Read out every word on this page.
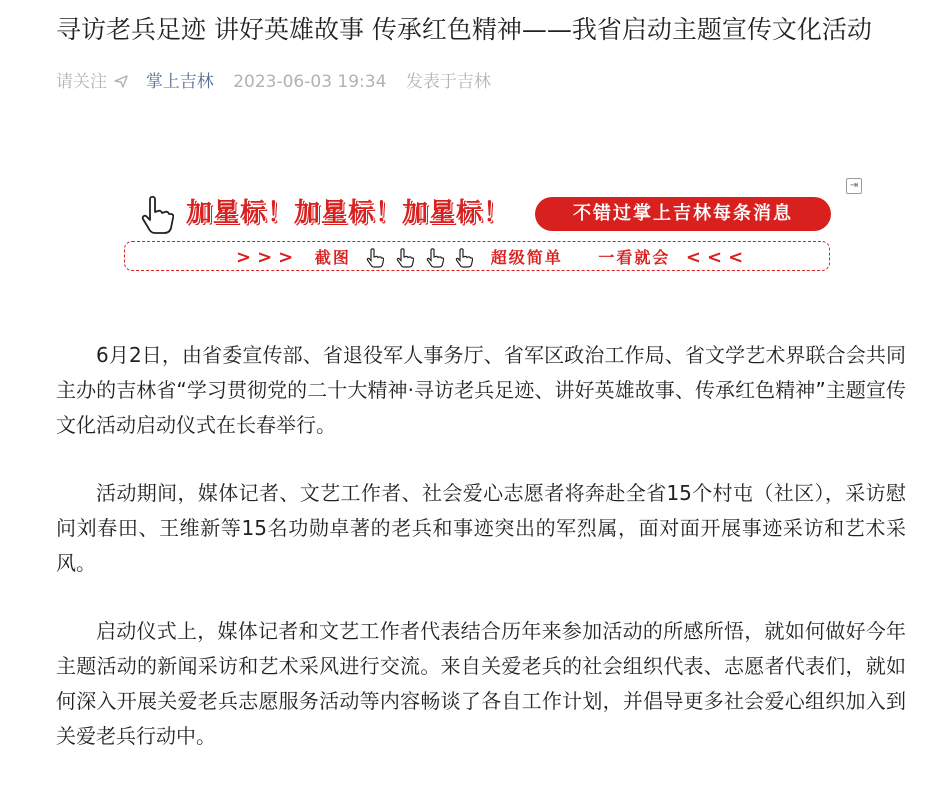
寻访老兵足迹 讲好英雄故事 传承红色精神——我省启动主题宣传文化活动
请关注 掌上吉林 2023-06-03 19:34 发表于吉林
⇥
加星标！加星标！加星标！	不错过掌上吉林每条消息
>>> 截图	超级简单 一看就会 <<<

6月2日，由省委宣传部、省退役军人事务厅、省军区政治工作局、省文学艺术界联合会共同主办的吉林省“学习贯彻党的二十大精神·寻访老兵足迹、讲好英雄故事、传承红色精神”主题宣传文化活动启动仪式在长春举行。

活动期间，媒体记者、文艺工作者、社会爱心志愿者将奔赴全省15个村屯（社区），采访慰问刘春田、王维新等15名功勋卓著的老兵和事迹突出的军烈属，面对面开展事迹采访和艺术采风。

启动仪式上，媒体记者和文艺工作者代表结合历年来参加活动的所感所悟，就如何做好今年主题活动的新闻采访和艺术采风进行交流。来自关爱老兵的社会组织代表、志愿者代表们，就如何深入开展关爱老兵志愿服务活动等内容畅谈了各自工作计划，并倡导更多社会爱心组织加入到关爱老兵行动中。
